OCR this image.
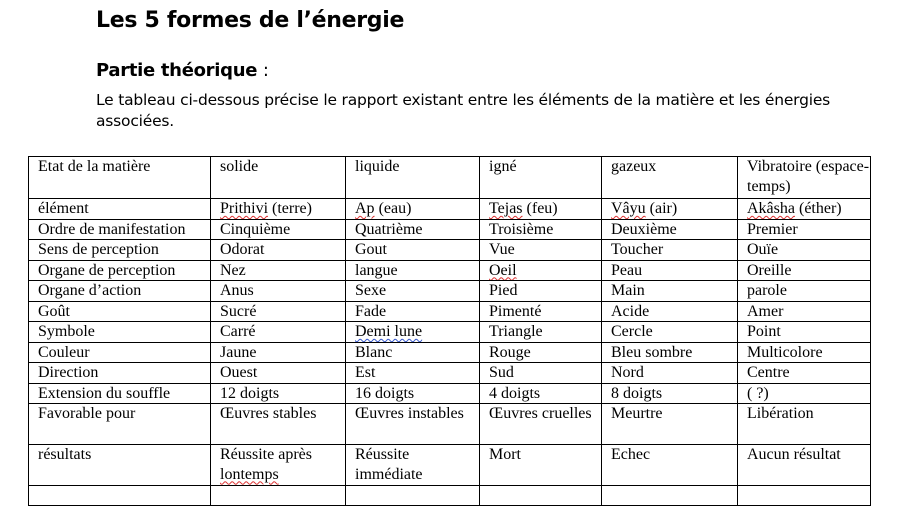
Les 5 formes de l’énergie

Partie théorique :

Le tableau ci-dessous précise le rapport existant entre les éléments de la matière et les énergies associées.

Etat de la matière	solide	liquide	igné	gazeux	Vibratoire (espace-temps)
élément	Prithivi (terre)	Ap (eau)	Tejas (feu)	Vâyu (air)	Akâsha (éther)
Ordre de manifestation	Cinquième	Quatrième	Troisième	Deuxième	Premier
Sens de perception	Odorat	Gout	Vue	Toucher	Ouïe
Organe de perception	Nez	langue	Oeil	Peau	Oreille
Organe d’action	Anus	Sexe	Pied	Main	parole
Goût	Sucré	Fade	Pimenté	Acide	Amer
Symbole	Carré	Demi lune	Triangle	Cercle	Point
Couleur	Jaune	Blanc	Rouge	Bleu sombre	Multicolore
Direction	Ouest	Est	Sud	Nord	Centre
Extension du souffle	12 doigts	16 doigts	4 doigts	8 doigts	( ?)
Favorable pour	Œuvres stables	Œuvres instables	Œuvres cruelles	Meurtre	Libération
résultats	Réussite après lontemps	Réussite immédiate	Mort	Echec	Aucun résultat
